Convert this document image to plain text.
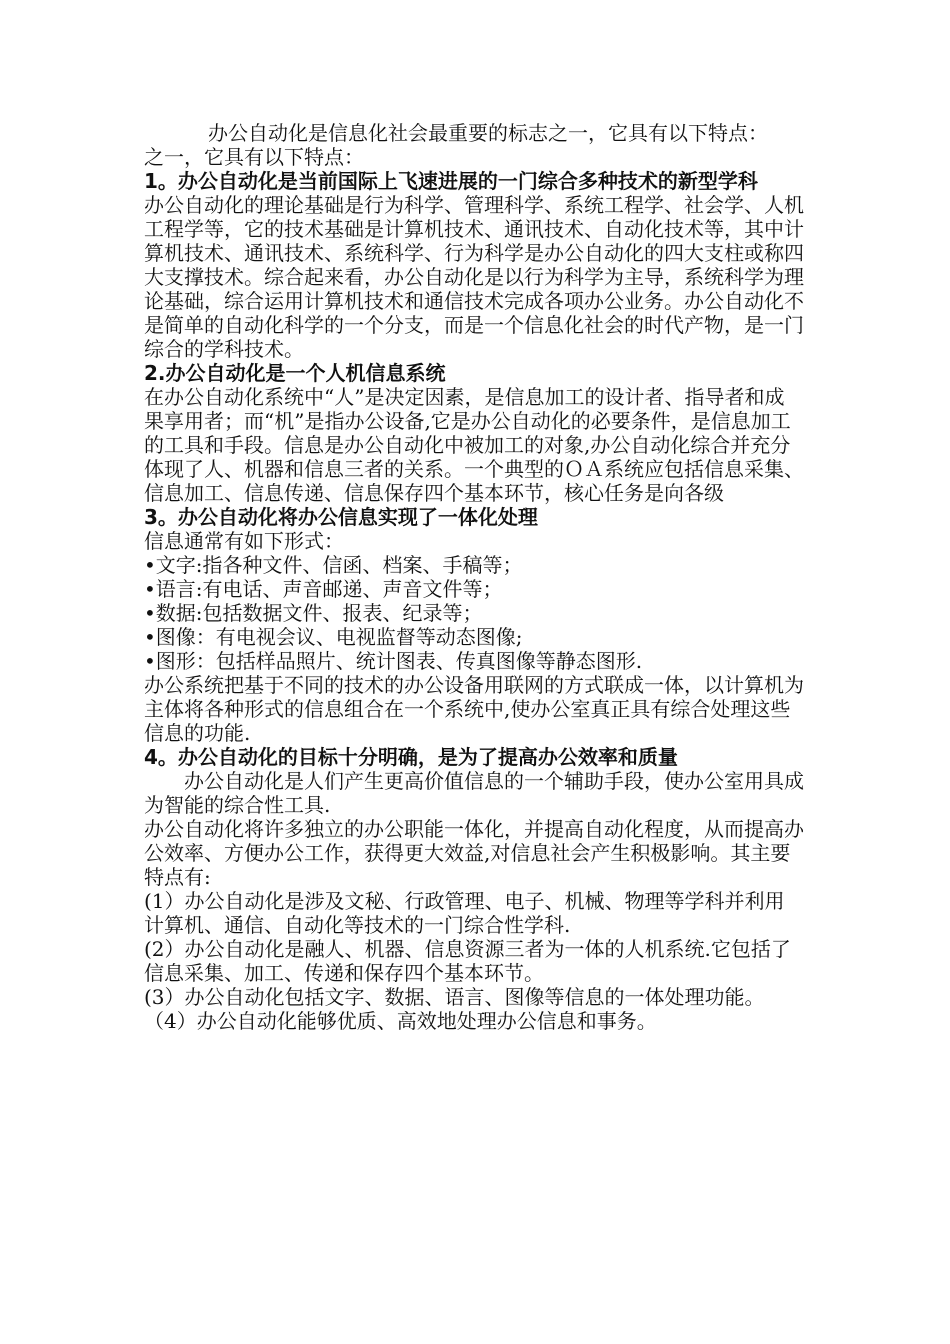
办公自动化是信息化社会最重要的标志之一，它具有以下特点：

之一，它具有以下特点：

1。办公自动化是当前国际上飞速进展的一门综合多种技术的新型学科

办公自动化的理论基础是行为科学、管理科学、系统工程学、社会学、人机工程学等，它的技术基础是计算机技术、通讯技术、自动化技术等，其中计算机技术、通讯技术、系统科学、行为科学是办公自动化的四大支柱或称四大支撑技术。综合起来看，办公自动化是以行为科学为主导，系统科学为理论基础，综合运用计算机技术和通信技术完成各项办公业务。办公自动化不是简单的自动化科学的一个分支，而是一个信息化社会的时代产物，是一门综合的学科技术。

2.办公自动化是一个人机信息系统

在办公自动化系统中“人”是决定因素，是信息加工的设计者、指导者和成果享用者；而“机”是指办公设备,它是办公自动化的必要条件，是信息加工的工具和手段。信息是办公自动化中被加工的对象,办公自动化综合并充分体现了人、机器和信息三者的关系。一个典型的ＯＡ系统应包括信息采集、信息加工、信息传递、信息保存四个基本环节，核心任务是向各级

3。办公自动化将办公信息实现了一体化处理

信息通常有如下形式：

•文字:指各种文件、信函、档案、手稿等；

•语言:有电话、声音邮递、声音文件等；

•数据:包括数据文件、报表、纪录等；

•图像：有电视会议、电视监督等动态图像;

•图形：包括样品照片、统计图表、传真图像等静态图形.

办公系统把基于不同的技术的办公设备用联网的方式联成一体，以计算机为主体将各种形式的信息组合在一个系统中,使办公室真正具有综合处理这些信息的功能.

4。办公自动化的目标十分明确，是为了提高办公效率和质量

办公自动化是人们产生更高价值信息的一个辅助手段，使办公室用具成为智能的综合性工具.

办公自动化将许多独立的办公职能一体化，并提高自动化程度，从而提高办公效率、方便办公工作，获得更大效益,对信息社会产生积极影响。其主要特点有:

(1）办公自动化是涉及文秘、行政管理、电子、机械、物理等学科并利用计算机、通信、自动化等技术的一门综合性学科.

(2）办公自动化是融人、机器、信息资源三者为一体的人机系统.它包括了信息采集、加工、传递和保存四个基本环节。

(3）办公自动化包括文字、数据、语言、图像等信息的一体处理功能。

（4）办公自动化能够优质、高效地处理办公信息和事务。
